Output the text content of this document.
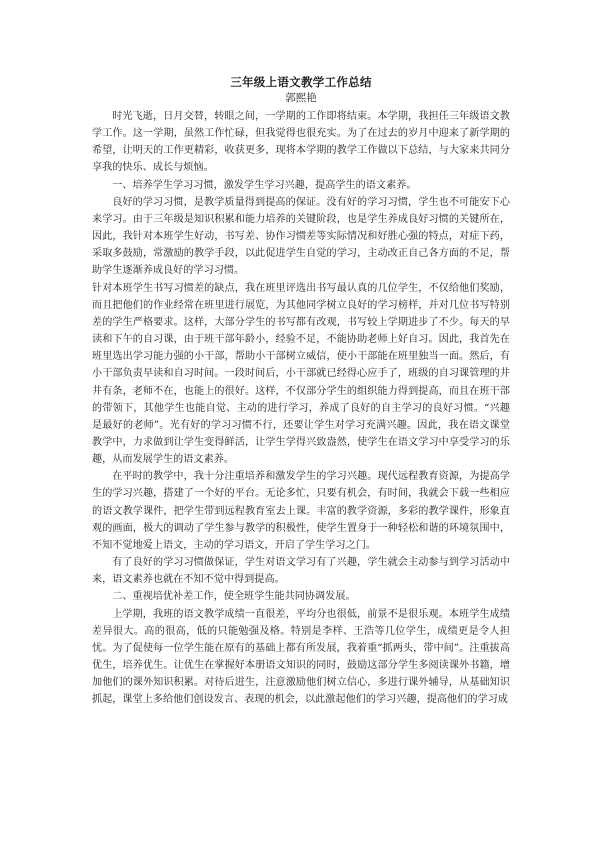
三年级上语文教学工作总结
郭熙艳

时光飞逝，日月交替，转眼之间，一学期的工作即将结束。本学期，我担任三年级语文教学工作。这一学期，虽然工作忙碌，但我觉得也很充实。为了在过去的岁月中迎来了新学期的希望，让明天的工作更精彩，收获更多，现将本学期的教学工作做以下总结，与大家来共同分享我的快乐、成长与烦恼。

一、培养学生学习习惯，激发学生学习兴趣，提高学生的语文素养。

良好的学习习惯，是教学质量得到提高的保证。没有好的学习习惯，学生也不可能安下心来学习。由于三年级是知识积累和能力培养的关键阶段，也是学生养成良好习惯的关键所在，因此，我针对本班学生好动，书写差、协作习惯差等实际情况和好胜心强的特点，对症下药，采取多鼓励，常激励的教学手段，以此促进学生自觉的学习，主动改正自己各方面的不足，帮助学生逐渐养成良好的学习习惯。

针对本班学生书写习惯差的缺点，我在班里评选出书写最认真的几位学生，不仅给他们奖励，而且把他们的作业经常在班里进行展览，为其他同学树立良好的学习榜样，并对几位书写特别差的学生严格要求。这样，大部分学生的书写都有改观，书写较上学期进步了不少。每天的早读和下午的自习课，由于班干部年龄小，经验不足，不能协助老师上好自习。因此，我首先在班里选出学习能力强的小干部，帮助小干部树立威信，使小干部能在班里独当一面。然后，有小干部负责早读和自习时间。一段时间后，小干部就已经得心应手了，班级的自习课管理的井井有条，老师不在，也能上的很好。这样，不仅部分学生的组织能力得到提高，而且在班干部的带领下，其他学生也能自觉、主动的进行学习，养成了良好的自主学习的良好习惯。“兴趣是最好的老师”。光有好的学习习惯不行，还要让学生对学习充满兴趣。因此，我在语文课堂教学中，力求做到让学生变得鲜活，让学生学得兴致盎然，使学生在语文学习中享受学习的乐趣，从而发展学生的语文素养。

在平时的教学中，我十分注重培养和激发学生的学习兴趣。现代远程教育资源，为提高学生的学习兴趣，搭建了一个好的平台。无论多忙，只要有机会，有时间，我就会下载一些相应的语文教学课件，把学生带到远程教育室去上课。丰富的教学资源，多彩的教学课件，形象直观的画面，极大的调动了学生参与教学的积极性，使学生置身于一种轻松和谐的环境氛围中，不知不觉地爱上语文，主动的学习语文，开启了学生学习之门。

有了良好的学习习惯做保证，学生对语文学习有了兴趣，学生就会主动参与到学习活动中来，语文素养也就在不知不觉中得到提高。

二、重视培优补差工作，使全班学生能共同协调发展。

上学期，我班的语文教学成绩一直很差，平均分也很低，前景不是很乐观。本班学生成绩差异很大。高的很高，低的只能勉强及格。特别是李样、王浩等几位学生，成绩更是令人担忧。为了促使每一位学生能在原有的基础上都有所发展，我着重“抓两头，带中间”。注重拔高优生，培养优生。让优生在掌握好本册语文知识的同时，鼓励这部分学生多阅读课外书籍，增加他们的课外知识积累。对待后进生，注意激励他们树立信心，多进行课外辅导，从基础知识抓起，课堂上多给他们创设发言、表现的机会，以此激起他们的学习兴趣，提高他们的学习成
